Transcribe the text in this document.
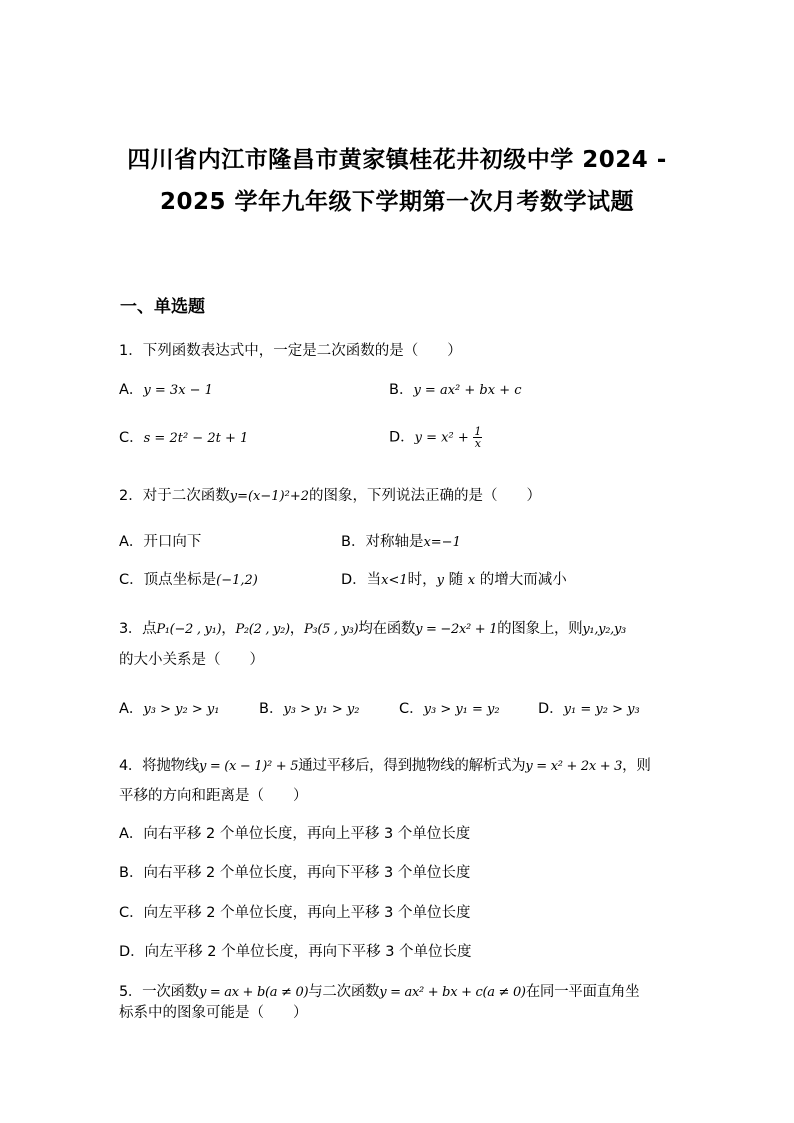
四川省内江市隆昌市黄家镇桂花井初级中学 2024 -
2025 学年九年级下学期第一次月考数学试题
一、单选题
1．下列函数表达式中，一定是二次函数的是（　　）
A．y = 3x − 1	B．y = ax² + bx + c
C．s = 2t² − 2t + 1	D．$y = x^2 + \frac{1}{x}$
2．对于二次函数y=(x−1)²+2的图象，下列说法正确的是（　　）
A．开口向下	B．对称轴是x=−1
C．顶点坐标是(−1,2)	D．当x<1时，y 随 x 的增大而减小
3．点P₁(−2 , y₁)，P₂(2 , y₂)，P₃(5 , y₃)均在函数y = −2x² + 1的图象上，则y₁,y₂,y₃
的大小关系是（　　）
A．y₃ > y₂ > y₁	B．y₃ > y₁ > y₂	C．y₃ > y₁ = y₂	D．y₁ = y₂ > y₃
4．将抛物线y = (x − 1)² + 5通过平移后，得到抛物线的解析式为y = x² + 2x + 3，则
平移的方向和距离是（　　）
A．向右平移 2 个单位长度，再向上平移 3 个单位长度
B．向右平移 2 个单位长度，再向下平移 3 个单位长度
C．向左平移 2 个单位长度，再向上平移 3 个单位长度
D．向左平移 2 个单位长度，再向下平移 3 个单位长度
5．一次函数y = ax + b(a ≠ 0)与二次函数y = ax² + bx + c(a ≠ 0)在同一平面直角坐
标系中的图象可能是（　　）
